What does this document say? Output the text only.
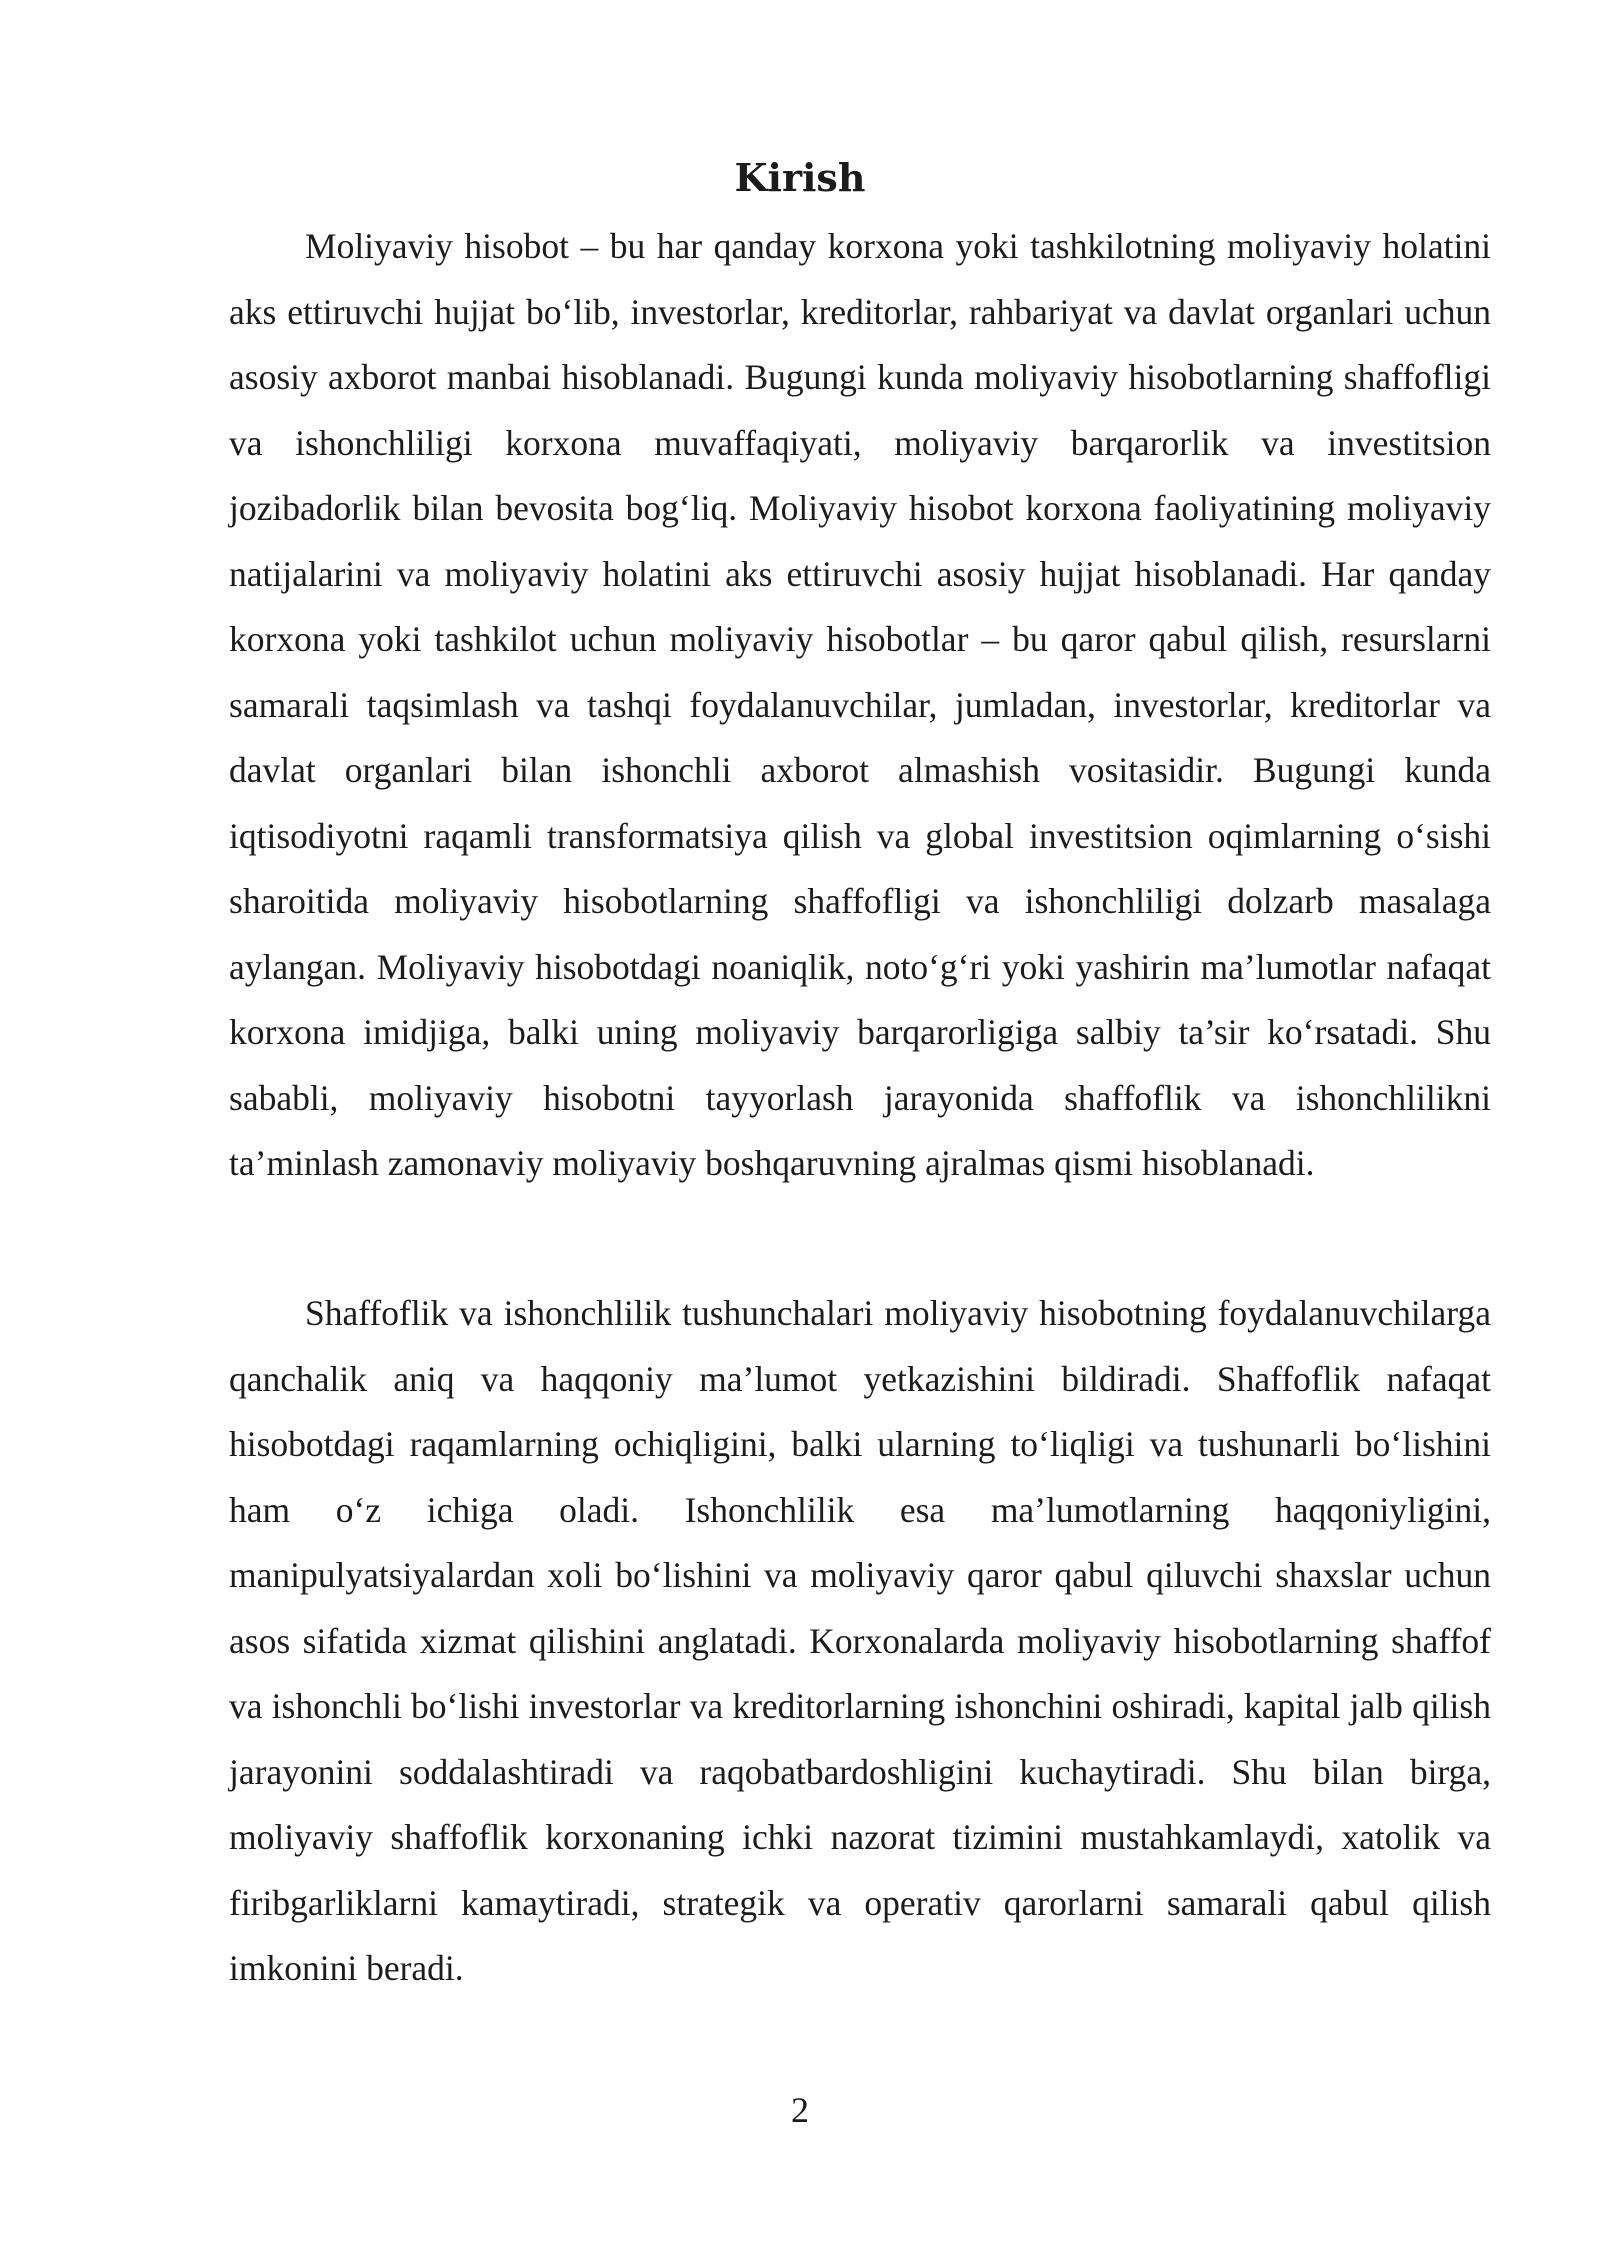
Kirish

Moliyaviy hisobot – bu har qanday korxona yoki tashkilotning moliyaviy holatini aks ettiruvchi hujjat bo‘lib, investorlar, kreditorlar, rahbariyat va davlat organlari uchun asosiy axborot manbai hisoblanadi. Bugungi kunda moliyaviy hisobotlarning shaffofligi va ishonchliligi korxona muvaffaqiyati, moliyaviy barqarorlik va investitsion jozibadorlik bilan bevosita bog‘liq. Moliyaviy hisobot korxona faoliyatining moliyaviy natijalarini va moliyaviy holatini aks ettiruvchi asosiy hujjat hisoblanadi. Har qanday korxona yoki tashkilot uchun moliyaviy hisobotlar – bu qaror qabul qilish, resurslarni samarali taqsimlash va tashqi foydalanuvchilar, jumladan, investorlar, kreditorlar va davlat organlari bilan ishonchli axborot almashish vositasidir. Bugungi kunda iqtisodiyotni raqamli transformatsiya qilish va global investitsion oqimlarning o‘sishi sharoitida moliyaviy hisobotlarning shaffofligi va ishonchliligi dolzarb masalaga aylangan. Moliyaviy hisobotdagi noaniqlik, noto‘g‘ri yoki yashirin ma’lumotlar nafaqat korxona imidjiga, balki uning moliyaviy barqarorligiga salbiy ta’sir ko‘rsatadi. Shu sababli, moliyaviy hisobotni tayyorlash jarayonida shaffoflik va ishonchlilikni ta’minlash zamonaviy moliyaviy boshqaruvning ajralmas qismi hisoblanadi.

Shaffoflik va ishonchlilik tushunchalari moliyaviy hisobotning foydalanuvchilarga qanchalik aniq va haqqoniy ma’lumot yetkazishini bildiradi. Shaffoflik nafaqat hisobotdagi raqamlarning ochiqligini, balki ularning to‘liqligi va tushunarli bo‘lishini ham o‘z ichiga oladi. Ishonchlilik esa ma’lumotlarning haqqoniyligini, manipulyatsiyalardan xoli bo‘lishini va moliyaviy qaror qabul qiluvchi shaxslar uchun asos sifatida xizmat qilishini anglatadi. Korxonalarda moliyaviy hisobotlarning shaffof va ishonchli bo‘lishi investorlar va kreditorlarning ishonchini oshiradi, kapital jalb qilish jarayonini soddalashtiradi va raqobatbardoshligini kuchaytiradi. Shu bilan birga, moliyaviy shaffoflik korxonaning ichki nazorat tizimini mustahkamlaydi, xatolik va firibgarliklarni kamaytiradi, strategik va operativ qarorlarni samarali qabul qilish imkonini beradi.

2
